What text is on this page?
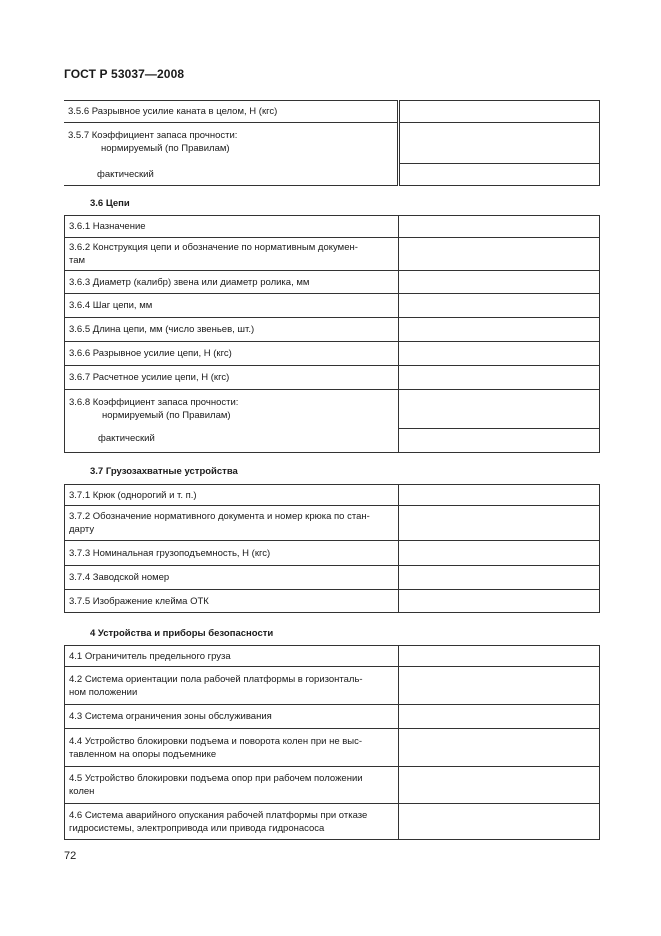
ГОСТ Р 53037—2008
3.5.6 Разрывное усилие каната в целом, Н (кгс)	

3.5.7 Коэффициент запаса прочности:
нормируемый (по Правилам)
фактический	

3.6 Цепи
3.6.1 Назначение	
3.6.2 Конструкция цепи и обозначение по нормативным докумен-
там	
3.6.3 Диаметр (калибр) звена или диаметр ролика, мм	
3.6.4 Шаг цепи, мм	
3.6.5 Длина цепи, мм (число звеньев, шт.)	
3.6.6 Разрывное усилие цепи, Н (кгс)	
3.6.7 Расчетное усилие цепи, Н (кгс)	

3.6.8 Коэффициент запаса прочности:
нормируемый (по Правилам)
фактический	

3.7 Грузозахватные устройства
3.7.1 Крюк (однорогий и т. п.)	
3.7.2 Обозначение нормативного документа и номер крюка по стан-
дарту	
3.7.3 Номинальная грузоподъемность, Н (кгс)	
3.7.4 Заводской номер	
3.7.5 Изображение клейма ОТК	
4 Устройства и приборы безопасности
4.1 Ограничитель предельного груза	
4.2 Система ориентации пола рабочей платформы в горизонталь-
ном положении	
4.3 Система ограничения зоны обслуживания	
4.4 Устройство блокировки подъема и поворота колен при не выс-
тавленном на опоры подъемнике	
4.5 Устройство блокировки подъема опор при рабочем положении
колен	
4.6 Система аварийного опускания рабочей платформы при отказе
гидросистемы, электропривода или привода гидронасоса	
72
